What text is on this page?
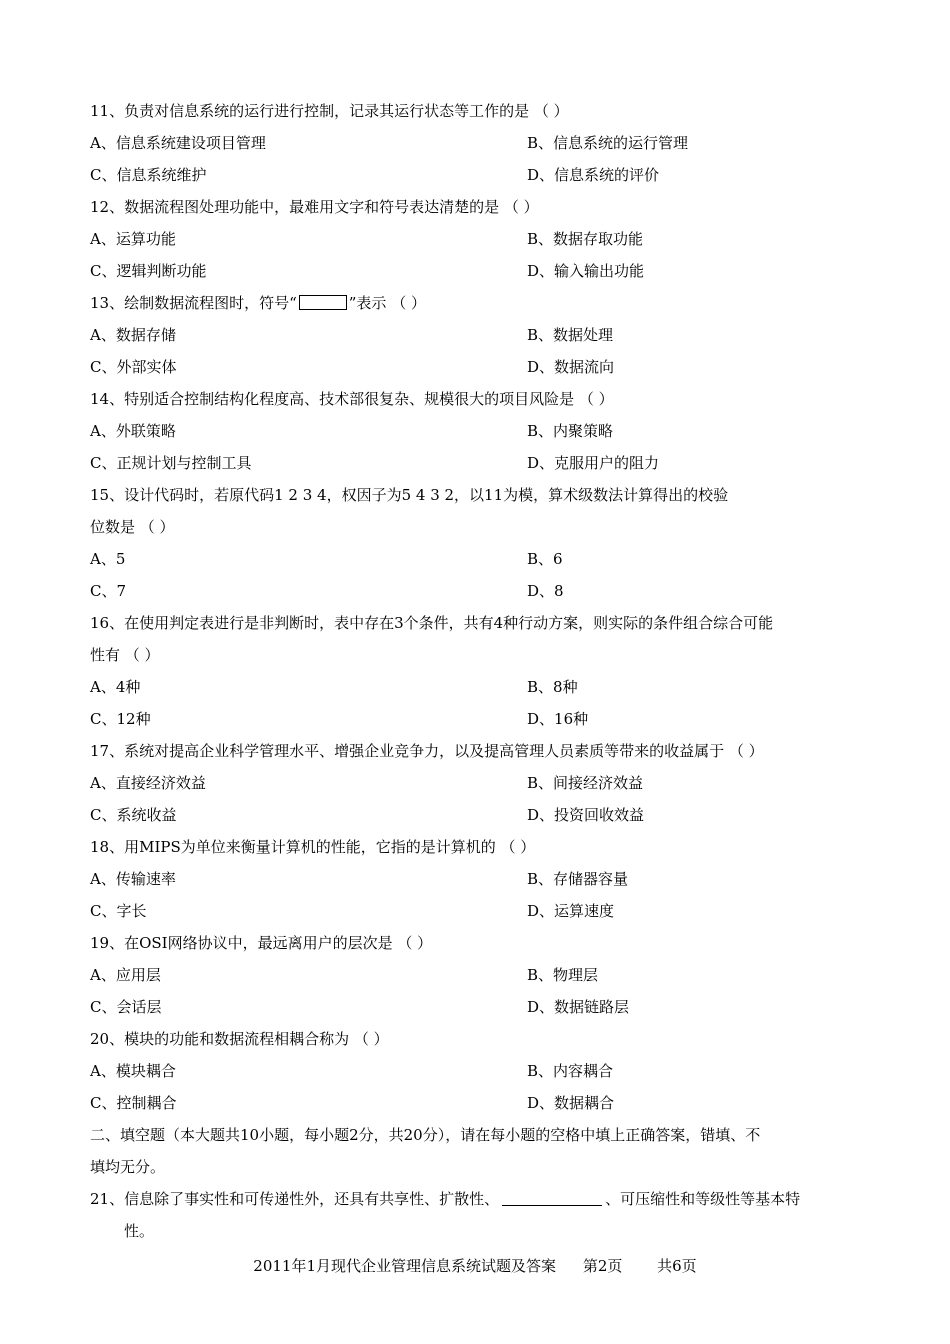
11、负责对信息系统的运行进行控制，记录其运行状态等工作的是 （ ）
A、信息系统建设项目管理	B、信息系统的运行管理
C、信息系统维护	D、信息系统的评价
12、数据流程图处理功能中，最难用文字和符号表达清楚的是 （ ）
A、运算功能	B、数据存取功能
C、逻辑判断功能	D、输入输出功能
13、绘制数据流程图时，符号“	”表示 （ ）
A、数据存储	B、数据处理
C、外部实体	D、数据流向
14、特别适合控制结构化程度高、技术部很复杂、规模很大的项目风险是 （ ）
A、外联策略	B、内聚策略
C、正规计划与控制工具	D、克服用户的阻力
15、设计代码时，若原代码1 2 3 4，权因子为5 4 3 2，以11为模，算术级数法计算得出的校验
位数是 （ ）
A、5	B、6
C、7	D、8
16、在使用判定表进行是非判断时，表中存在3个条件，共有4种行动方案，则实际的条件组合综合可能
性有 （ ）
A、4种	B、8种
C、12种	D、16种
17、系统对提高企业科学管理水平、增强企业竞争力，以及提高管理人员素质等带来的收益属于 （ ）
A、直接经济效益	B、间接经济效益
C、系统收益	D、投资回收效益
18、用MIPS为单位来衡量计算机的性能，它指的是计算机的 （ ）
A、传输速率	B、存储器容量
C、字长	D、运算速度
19、在OSI网络协议中，最远离用户的层次是 （ ）
A、应用层	B、物理层
C、会话层	D、数据链路层
20、模块的功能和数据流程相耦合称为 （ ）
A、模块耦合	B、内容耦合
C、控制耦合	D、数据耦合
二、填空题（本大题共10小题，每小题2分，共20分），请在每小题的空格中填上正确答案，错填、不
填均无分。
21、信息除了事实性和可传递性外，还具有共享性、扩散性、	、可压缩性和等级性等基本特
性。
2011年1月现代企业管理信息系统试题及答案 第2页 共6页
